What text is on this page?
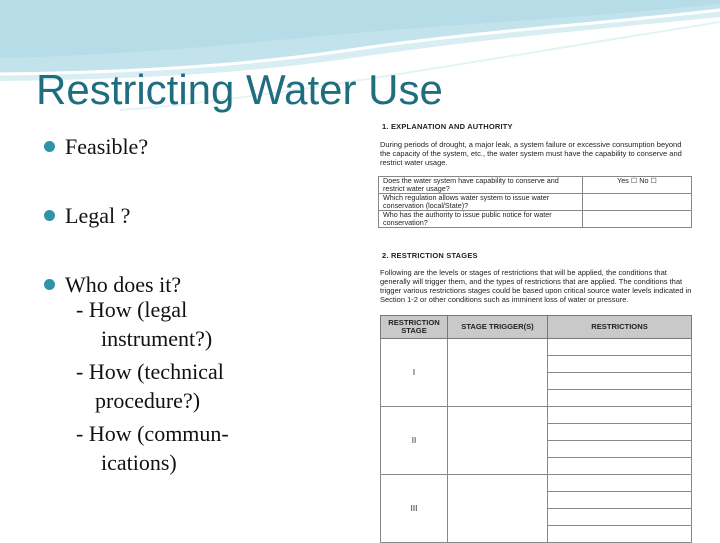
Restricting Water Use
Feasible?
Legal ?
Who does it?
- How (legal
instrument?)
- How (technical
procedure?)
- How (commun-
ications)
1. EXPLANATION AND AUTHORITY
During periods of drought, a major leak, a system failure or excessive consumption beyond the capacity of the system, etc., the water system must have the capability to conserve and restrict water usage.
Does the water system have capability to conserve and restrict water usage?	Yes ☐ No ☐
Which regulation allows water system to issue water conservation (local/State)?	
Who has the authority to issue public notice for water conservation?	
2. RESTRICTION STAGES
Following are the levels or stages of restrictions that will be applied, the conditions that generally will trigger them, and the types of restrictions that are applied. The conditions that trigger various restrictions stages could be based upon critical source water levels indicated in Section 1-2 or other conditions such as imminent loss of water or pressure.
RESTRICTION STAGE	STAGE TRIGGER(S)	RESTRICTIONS
I		

II		

III		
